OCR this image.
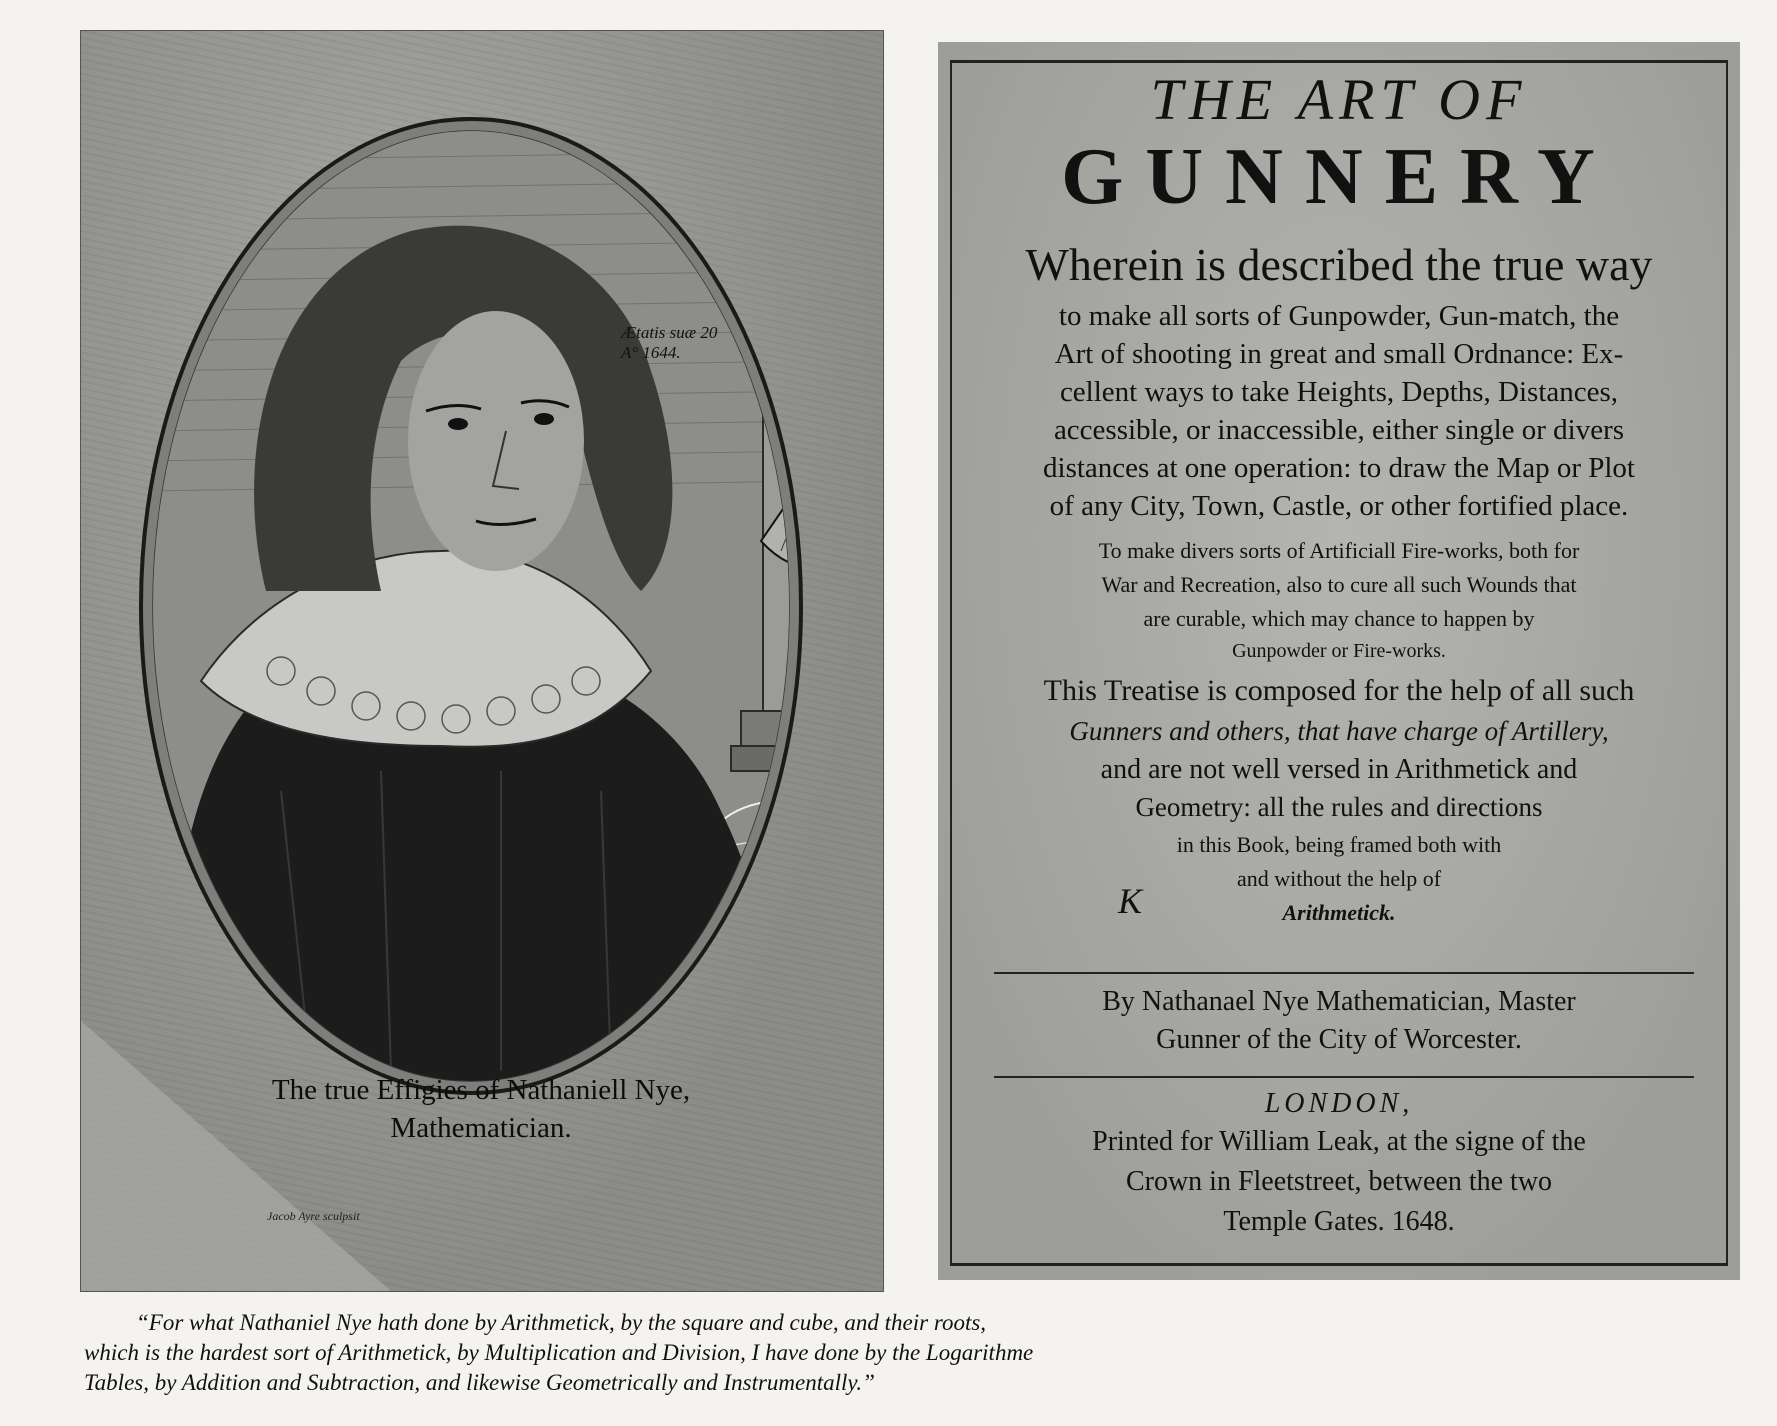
Ætatis suæ 20
A° 1644.
The true Effigies of Nathaniell Nye,
Mathematician.
Jacob Ayre sculpsit
THE ART OF
GUNNERY
Wherein is described the true way
to make all sorts of Gunpowder, Gun-match, the
Art of shooting in great and small Ordnance: Ex-
cellent ways to take Heights, Depths, Distances,
accessible, or inaccessible, either single or divers
distances at one operation: to draw the Map or Plot
of any City, Town, Castle, or other fortified place.
To make divers sorts of Artificiall Fire-works, both for
War and Recreation, also to cure all such Wounds that
are curable, which may chance to happen by
Gunpowder or Fire-works.
This Treatise is composed for the help of all such
Gunners and others, that have charge of Artillery,
and are not well versed in Arithmetick and
Geometry: all the rules and directions
in this Book, being framed both with
and without the help of
Arithmetick.
K
By Nathanael Nye Mathematician, Master
Gunner of the City of Worcester.
LONDON,
Printed for William Leak, at the signe of the
Crown in Fleetstreet, between the two
Temple Gates. 1648.
“For what Nathaniel Nye hath done by Arithmetick, by the square and cube, and their roots,
which is the hardest sort of Arithmetick, by Multiplication and Division, I have done by the Logarithme
Tables, by Addition and Subtraction, and likewise Geometrically and Instrumentally.”
